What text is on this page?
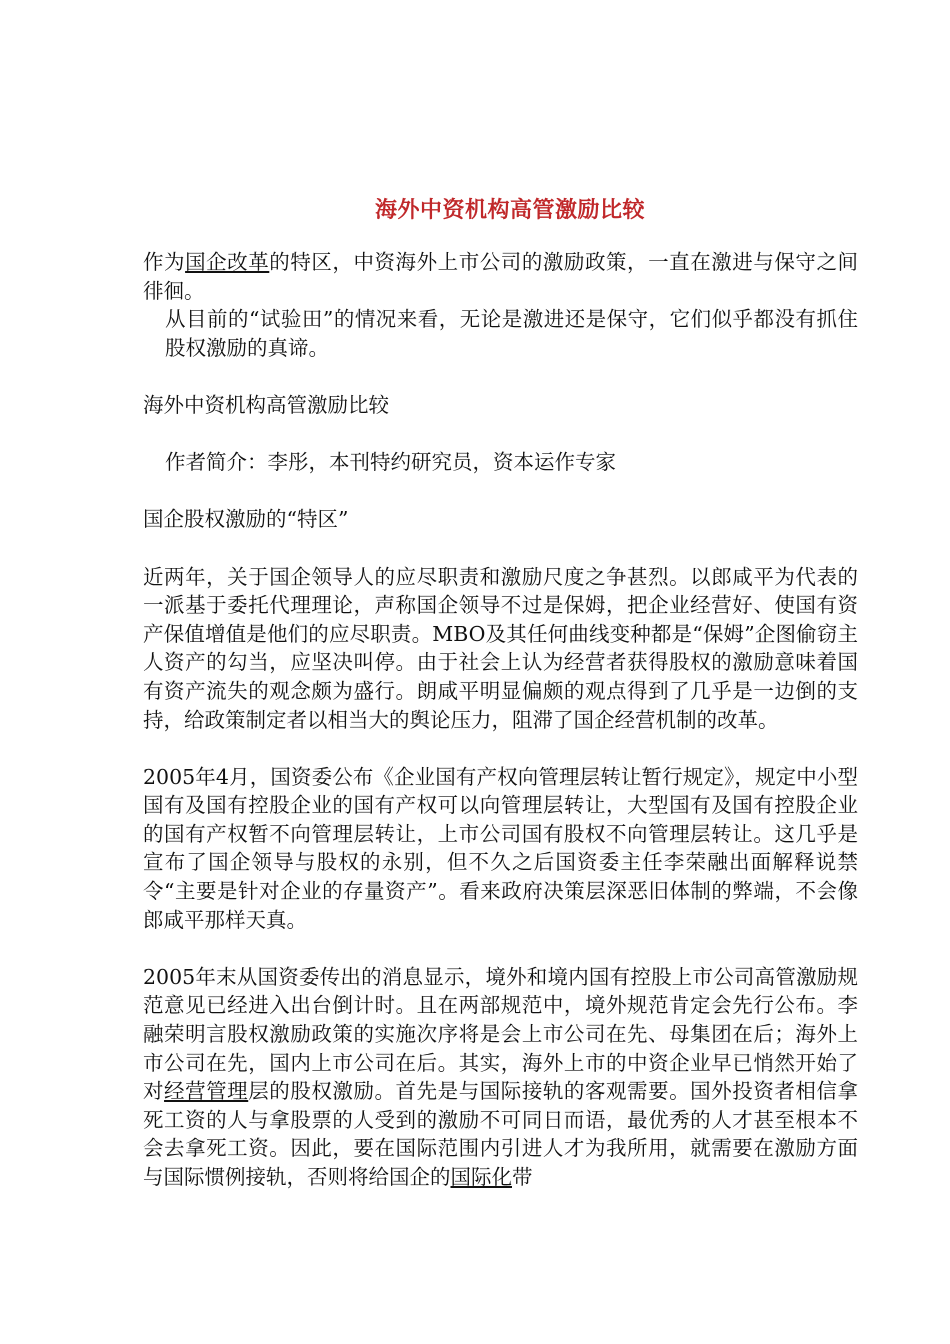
海外中资机构高管激励比较

作为国企改革的特区，中资海外上市公司的激励政策，一直在激进与保守之间徘徊。

从目前的“试验田”的情况来看，无论是激进还是保守，它们似乎都没有抓住股权激励的真谛。

海外中资机构高管激励比较

作者简介：李彤，本刊特约研究员，资本运作专家

国企股权激励的“特区”

近两年，关于国企领导人的应尽职责和激励尺度之争甚烈。以郎咸平为代表的一派基于委托代理理论，声称国企领导不过是保姆，把企业经营好、使国有资产保值增值是他们的应尽职责。MBO及其任何曲线变种都是“保姆”企图偷窃主人资产的勾当，应坚决叫停。由于社会上认为经营者获得股权的激励意味着国有资产流失的观念颇为盛行。朗咸平明显偏颇的观点得到了几乎是一边倒的支持，给政策制定者以相当大的舆论压力，阻滞了国企经营机制的改革。

2005年4月，国资委公布《企业国有产权向管理层转让暂行规定》，规定中小型国有及国有控股企业的国有产权可以向管理层转让，大型国有及国有控股企业的国有产权暂不向管理层转让，上市公司国有股权不向管理层转让。这几乎是宣布了国企领导与股权的永别，但不久之后国资委主任李荣融出面解释说禁令“主要是针对企业的存量资产”。看来政府决策层深恶旧体制的弊端，不会像郎咸平那样天真。

2005年末从国资委传出的消息显示，境外和境内国有控股上市公司高管激励规范意见已经进入出台倒计时。且在两部规范中，境外规范肯定会先行公布。李融荣明言股权激励政策的实施次序将是会上市公司在先、母集团在后；海外上市公司在先，国内上市公司在后。其实，海外上市的中资企业早已悄然开始了对经营管理层的股权激励。首先是与国际接轨的客观需要。国外投资者相信拿死工资的人与拿股票的人受到的激励不可同日而语，最优秀的人才甚至根本不会去拿死工资。因此，要在国际范围内引进人才为我所用，就需要在激励方面与国际惯例接轨，否则将给国企的国际化带
